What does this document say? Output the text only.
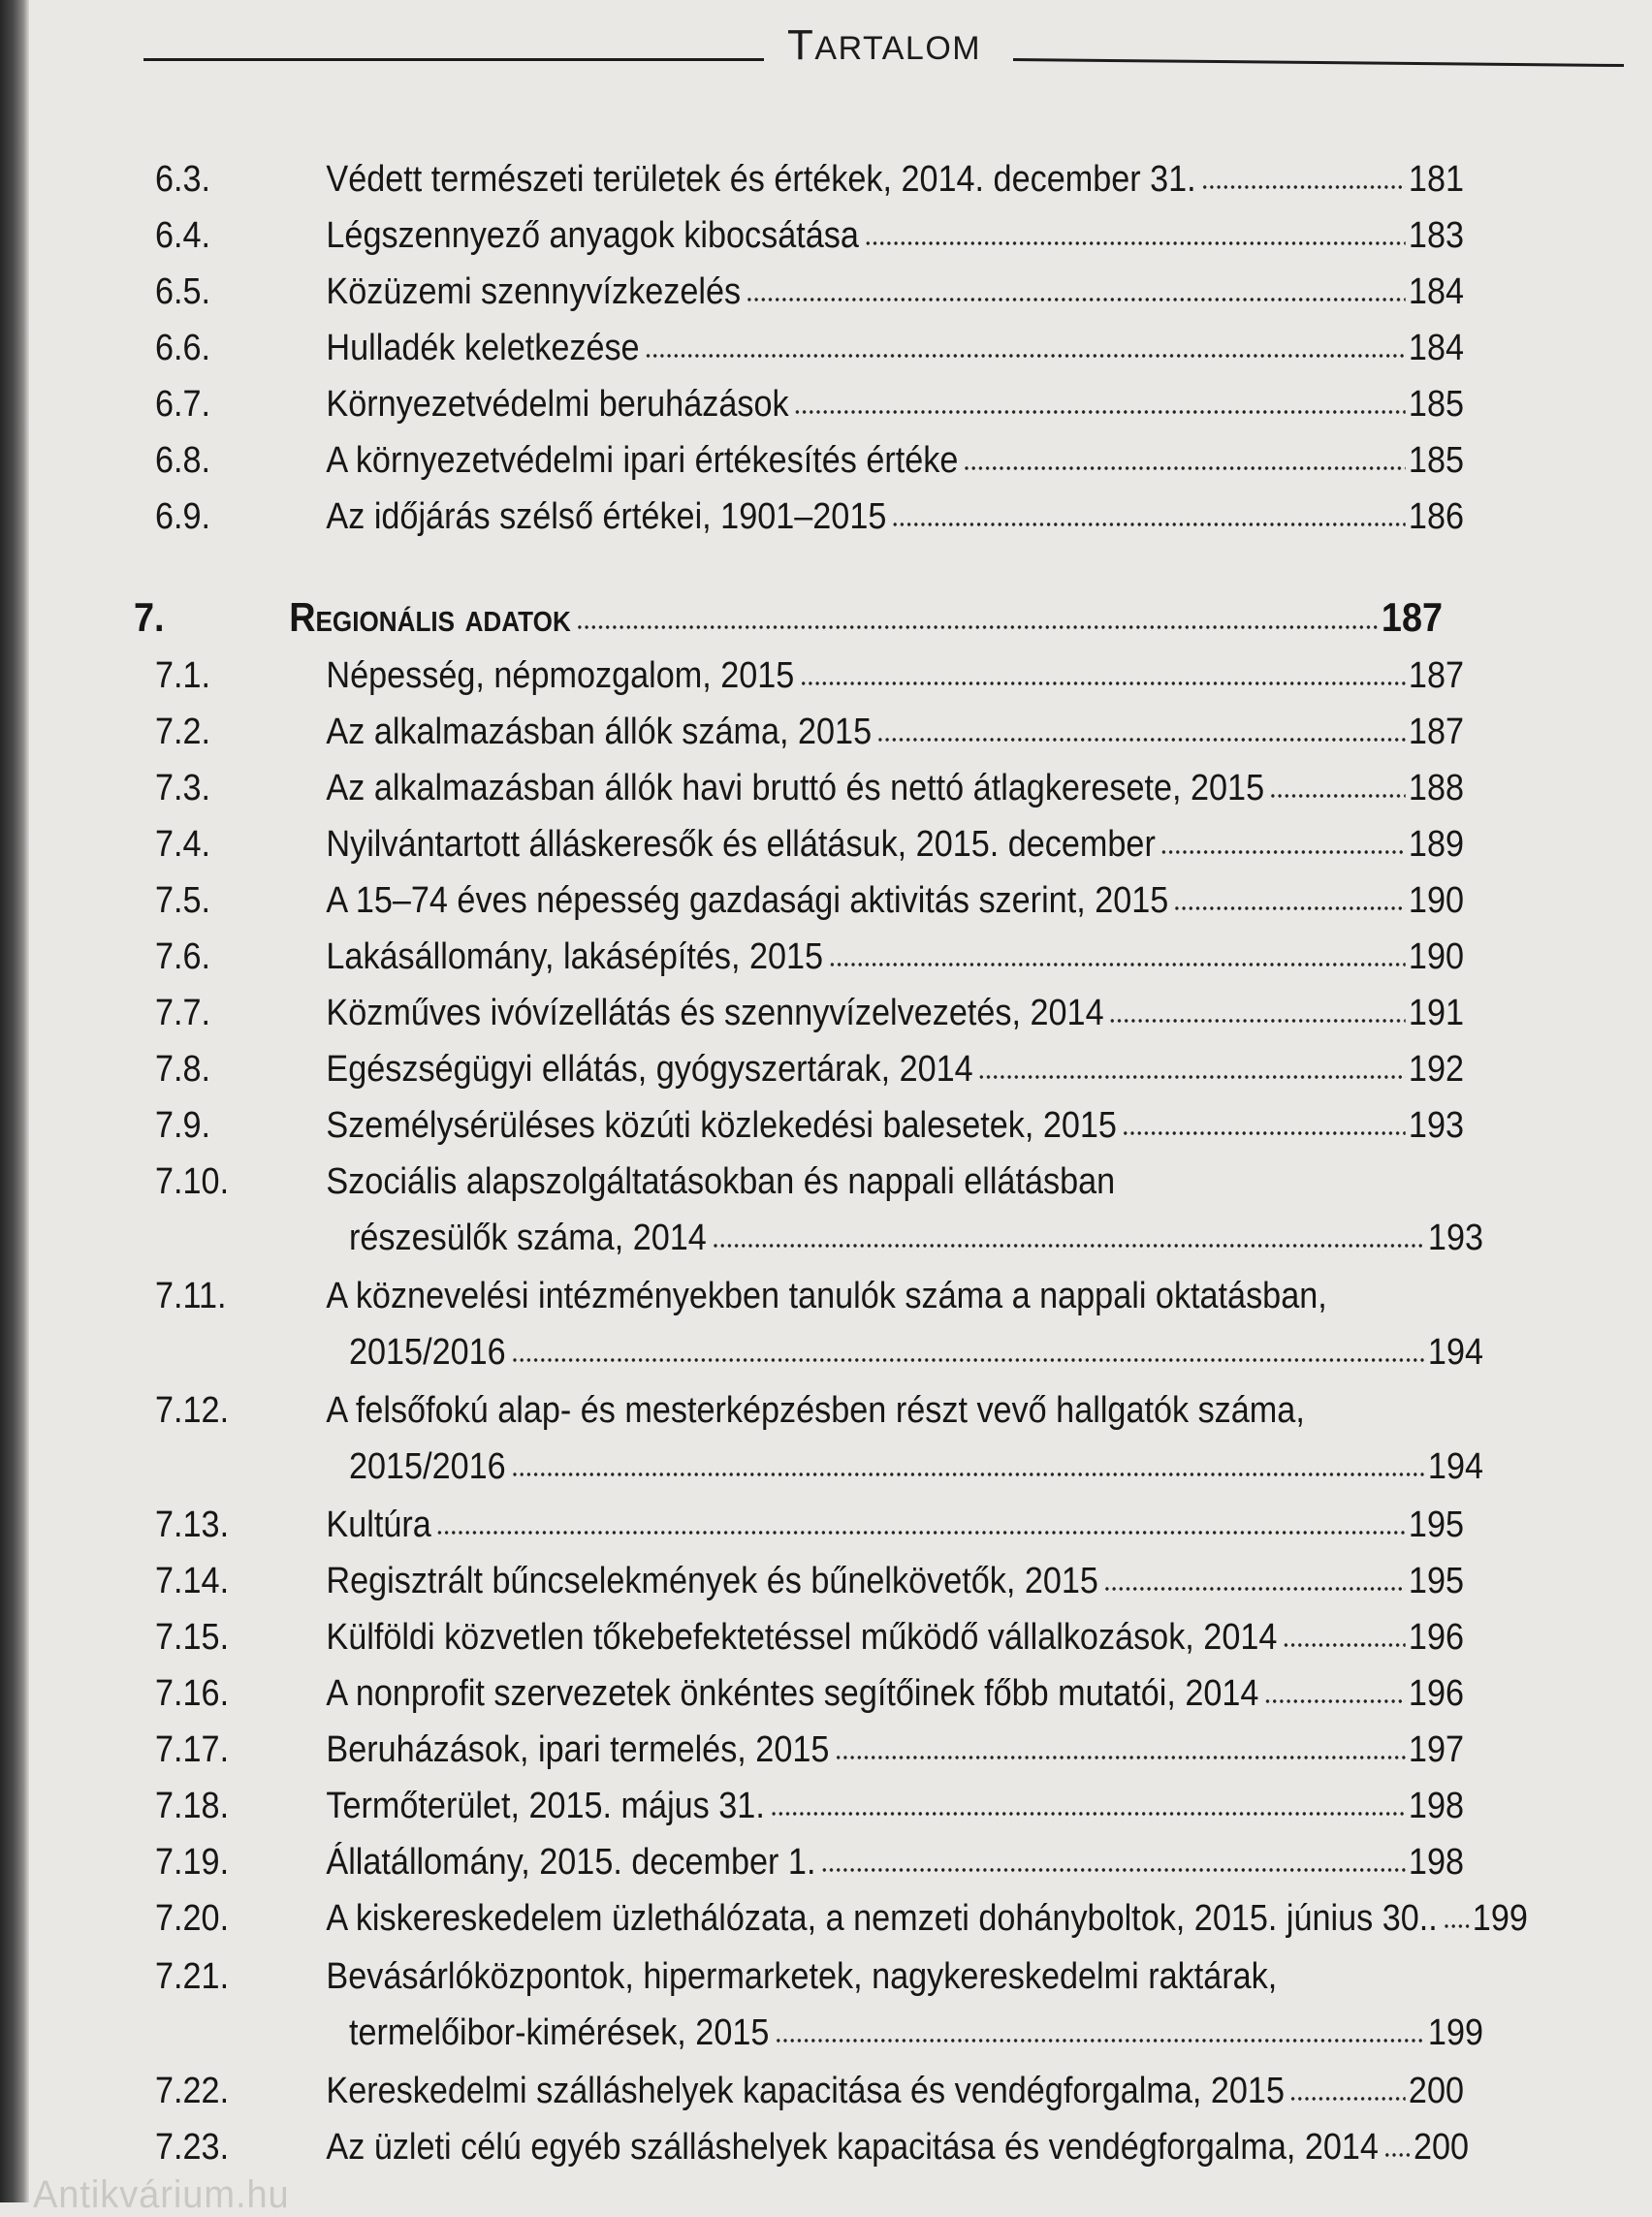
TARTALOM
6.3.	Védett természeti területek és értékek, 2014. december 31.	181
6.4.	Légszennyező anyagok kibocsátása	183
6.5.	Közüzemi szennyvízkezelés	184
6.6.	Hulladék keletkezése	184
6.7.	Környezetvédelmi beruházások	185
6.8.	A környezetvédelmi ipari értékesítés értéke	185
6.9.	Az időjárás szélső értékei, 1901–2015	186
7.	Regionális adatok	187
7.1.	Népesség, népmozgalom, 2015	187
7.2.	Az alkalmazásban állók száma, 2015	187
7.3.	Az alkalmazásban állók havi bruttó és nettó átlagkeresete, 2015	188
7.4.	Nyilvántartott álláskeresők és ellátásuk, 2015. december	189
7.5.	A 15–74 éves népesség gazdasági aktivitás szerint, 2015	190
7.6.	Lakásállomány, lakásépítés, 2015	190
7.7.	Közműves ivóvízellátás és szennyvízelvezetés, 2014	191
7.8.	Egészségügyi ellátás, gyógyszertárak, 2014	192
7.9.	Személysérüléses közúti közlekedési balesetek, 2015	193
7.10.	Szociális alapszolgáltatásokban és nappali ellátásban
részesülők száma, 2014	193
7.11.	A köznevelési intézményekben tanulók száma a nappali oktatásban,
2015/2016	194
7.12.	A felsőfokú alap- és mesterképzésben részt vevő hallgatók száma,
2015/2016	194
7.13.	Kultúra	195
7.14.	Regisztrált bűncselekmények és bűnelkövetők, 2015	195
7.15.	Külföldi közvetlen tőkebefektetéssel működő vállalkozások, 2014	196
7.16.	A nonprofit szervezetek önkéntes segítőinek főbb mutatói, 2014	196
7.17.	Beruházások, ipari termelés, 2015	197
7.18.	Termőterület, 2015. május 31.	198
7.19.	Állatállomány, 2015. december 1.	198
7.20.	A kiskereskedelem üzlethálózata, a nemzeti dohányboltok, 2015. június 30.. 199
7.21.	Bevásárlóközpontok, hipermarketek, nagykereskedelmi raktárak,
termelőibor-kimérések, 2015	199
7.22.	Kereskedelmi szálláshelyek kapacitása és vendégforgalma, 2015	200
7.23.	Az üzleti célú egyéb szálláshelyek kapacitása és vendégforgalma, 2014 200
Antikvárium.hu
